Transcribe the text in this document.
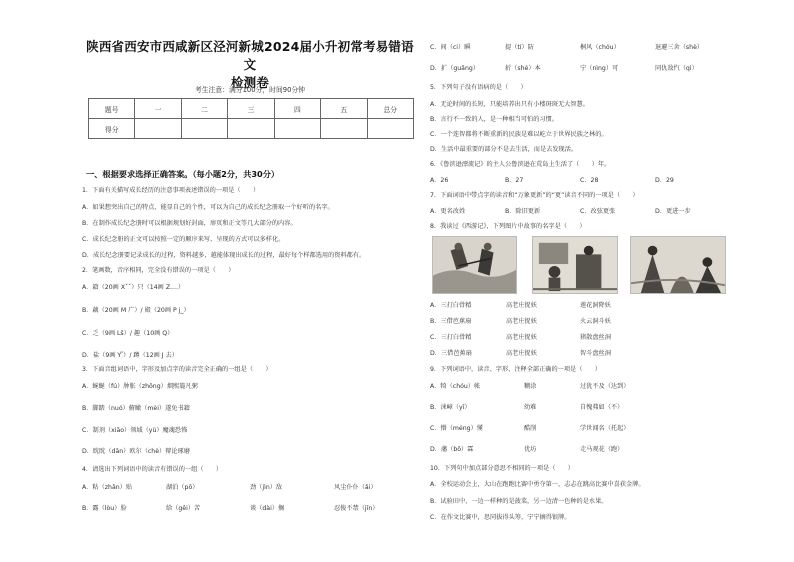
陕西省西安市西咸新区泾河新城2024届小升初常考易错语文
检测卷
考生注意：满分100分，时间90分钟
题号	一	二	三	四	五	总分
得分						
一、根据要求选择正确答案。（每小题2分，共30分）
1．下面有关描写成长经历的注意事项表述错误的一项是（　　）
A．如果想突出自己的特点，能显自己的个性，可以为自己的成长纪念册取一个好听的名字。
B．在制作成长纪念册时可以根据规划好封面，扉页和正文等几大部分的内容。
C．成长纪念册的正文可以按照一定的顺序来写，呈现的方式可以多样化。
D．成长纪念册要记录成长的过程，资料越多，越能体现出成长的过程，最好每个样都选用的资料都有。
2．笔画数，音序相同，完全没有错误的一项是（　　）
A．籍（20画 Xˇˇ）只（14画 Z....）
B．藕（20画 M 广）/ 殿（20画 P j_）
C．乏（9画 Lš）/ 趣（10画 Q）
D．盐（9画 Y ̈̈）/ 蹲（12画 J 去）
3．下面音组词语中，字形及加点字的读音完全正确的一组是（　　）
A．蜿蜒（fú）肿胀（zhōng）烟熙簏凡粥
B．脚踏（nuó）俯瞰（mèi）遂免书籍
C．制剂（xiāo）领域（yù）魔魂恐怖
D．眈眈（dān）欧尔（chè）辩论琢磨
4．请选出下列词语中的读音有错误的一组（　　）
A．粘（zhān）贴	湖泊（pō）	劲（jìn）敌	风尘仆仆（ǎi）
B．露（lòu）脸	给（gěi）苦	谈（dài）搁	忍俊不禁（jīn）
C．间（ci）瞬	提（tí）防	桐风（chóu）	退避三舍（shè）
D．扩（guǎng）	折（shé）本	宁（nìng）可	同仇敌忾（qì）
5．下列句子没有语病的是（　　）
A．无论时间的长短，只能培养出只有小楼斑斑无大智慧。
B．言行不一致的人，是一种相当可怕的习惯。
C．一个连智都将不断重新的民族是难以屹立于世界民族之林的。
D．生活中最重要的部分不是去生活，而是去发现活。
6．《鲁滨逊漂流记》的主人公鲁滨逊在荒岛上生活了（　　）年。
A．26	B．27	C．28	D．29
7．下面词语中带点字的读音和“万象更新”的“更”读音不同的一项是（　　）
A．更名改姓	B．除旧更新	C．改弦更张	D．更进一步
8．我读过《西游记》，下列图片中故事的名字是（　　）
A．三打白骨精	高老庄捉妖	莲花洞降妖
B．三借芭蕉扇	高老庄捉妖	火云洞斗妖
C．三打白骨精	高老庄捉妖	猪散盘丝洞
D．三借芭蕉扇	高老庄捉妖	智斗盘丝洞
9．下列词语中，读音、字形、注释全部正确的一项是（　　）
A．犄（chóu）帐	糊涂	过犹不及（达到）
B．涞嶂（yī）	幼难	自愧弗如（不）
C．懵（méng）懂	酷削	学世闻名（托起）
D．藩（bō）霖	优坊	走马观花（跑）
10．下列句中加点部分意思不相同的一项是（　　）
A．全校运动会上，大山在跑跑比赛中勇夺第一，志忐在跳高比赛中喜获金牌。
B．试验田中，一边一样种的是菠菜，另一边清一色种的是水果。
C．在作文比赛中，思同拔得头筹，宁宁摘得银牌。
